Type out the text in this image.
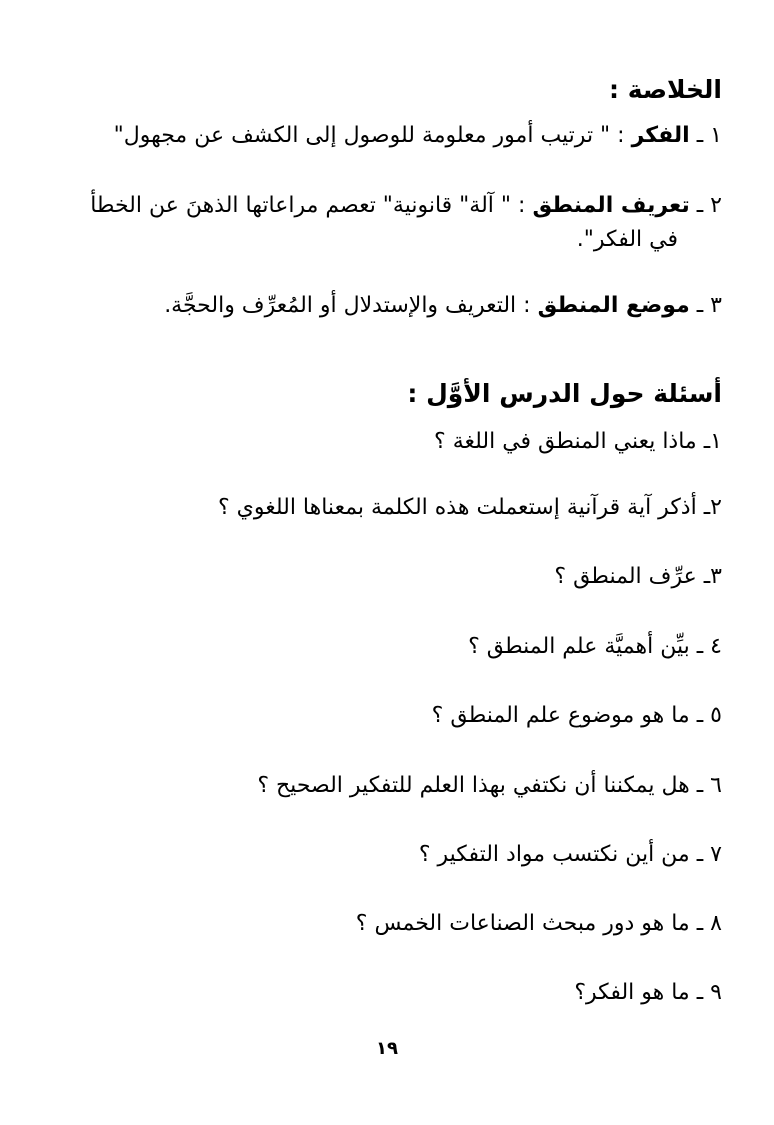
الخلاصة :
١ ـ الفكر : " ترتيب أمور معلومة للوصول إلى الكشف عن مجهول"
٢ ـ تعريف المنطق : " آلة" قانونية" تعصم مراعاتها الذهنَ عن الخطأ
في الفكر".
٣ ـ موضع المنطق : التعريف والإستدلال أو المُعرِّف والحجَّة.
أسئلة حول الدرس الأوَّل :
١ـ ماذا يعني المنطق في اللغة ؟
٢ـ أذكر آية قرآنية إستعملت هذه الكلمة بمعناها اللغوي ؟
٣ـ عرِّف المنطق ؟
٤ ـ بيِّن أهميَّة علم المنطق ؟
٥ ـ ما هو موضوع علم المنطق ؟
٦ ـ هل يمكننا أن نكتفي بهذا العلم للتفكير الصحيح ؟
٧ ـ من أين نكتسب مواد التفكير ؟
٨ ـ ما هو دور مبحث الصناعات الخمس ؟
٩ ـ ما هو الفكر؟
١٩
